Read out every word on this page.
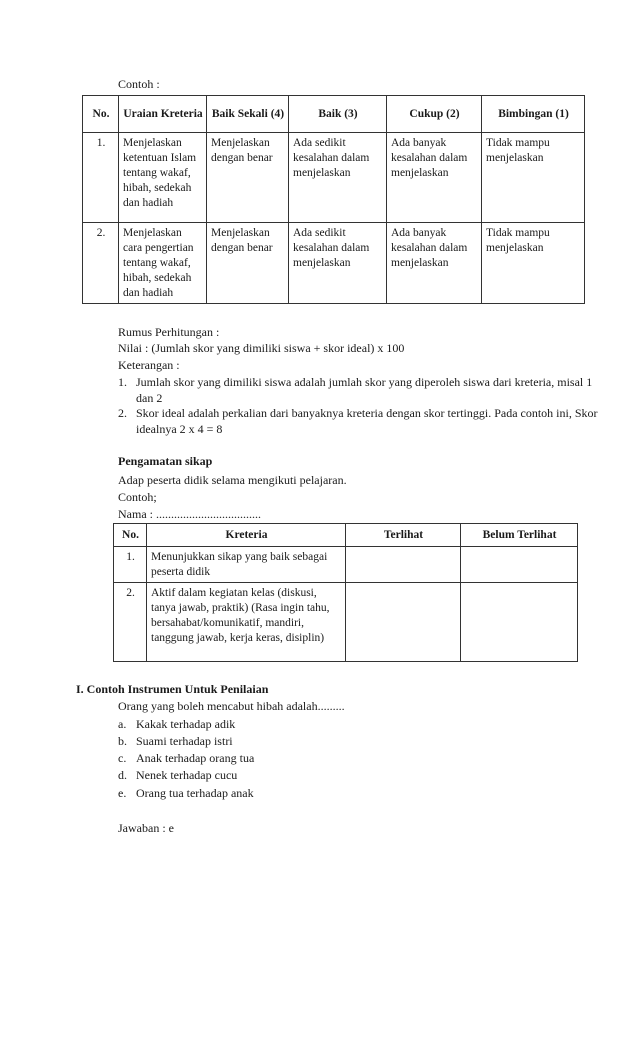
Contoh :
No.	Uraian Kreteria	Baik Sekali (4)	Baik (3)	Cukup (2)	Bimbingan (1)
1.	Menjelaskan ketentuan Islam tentang wakaf, hibah, sedekah dan hadiah	Menjelaskan dengan benar	Ada sedikit kesalahan dalam menjelaskan	Ada banyak kesalahan dalam menjelaskan	Tidak mampu menjelaskan
2.	Menjelaskan cara pengertian tentang wakaf, hibah, sedekah dan hadiah	Menjelaskan dengan benar	Ada sedikit kesalahan dalam menjelaskan	Ada banyak kesalahan dalam menjelaskan	Tidak mampu menjelaskan
Rumus Perhitungan :
Nilai : (Jumlah skor yang dimiliki siswa + skor ideal) x 100
Keterangan :
1. Jumlah skor yang dimiliki siswa adalah jumlah skor yang diperoleh siswa dari kreteria, misal 1 dan 2
2. Skor ideal adalah perkalian dari banyaknya kreteria dengan skor tertinggi. Pada contoh ini, Skor idealnya 2 x 4 = 8
Pengamatan sikap
Adap peserta didik selama mengikuti pelajaran.
Contoh;
Nama : ...................................
No.	Kreteria	Terlihat	Belum Terlihat
1.	Menunjukkan sikap yang baik sebagai peserta didik		
2.	Aktif dalam kegiatan kelas (diskusi, tanya jawab, praktik) (Rasa ingin tahu, bersahabat/komunikatif, mandiri, tanggung jawab, kerja keras, disiplin)		
I. Contoh Instrumen Untuk Penilaian
Orang yang boleh mencabut hibah adalah.........
a. Kakak terhadap adik
b. Suami terhadap istri
c. Anak terhadap orang tua
d. Nenek terhadap cucu
e. Orang tua terhadap anak
Jawaban : e
